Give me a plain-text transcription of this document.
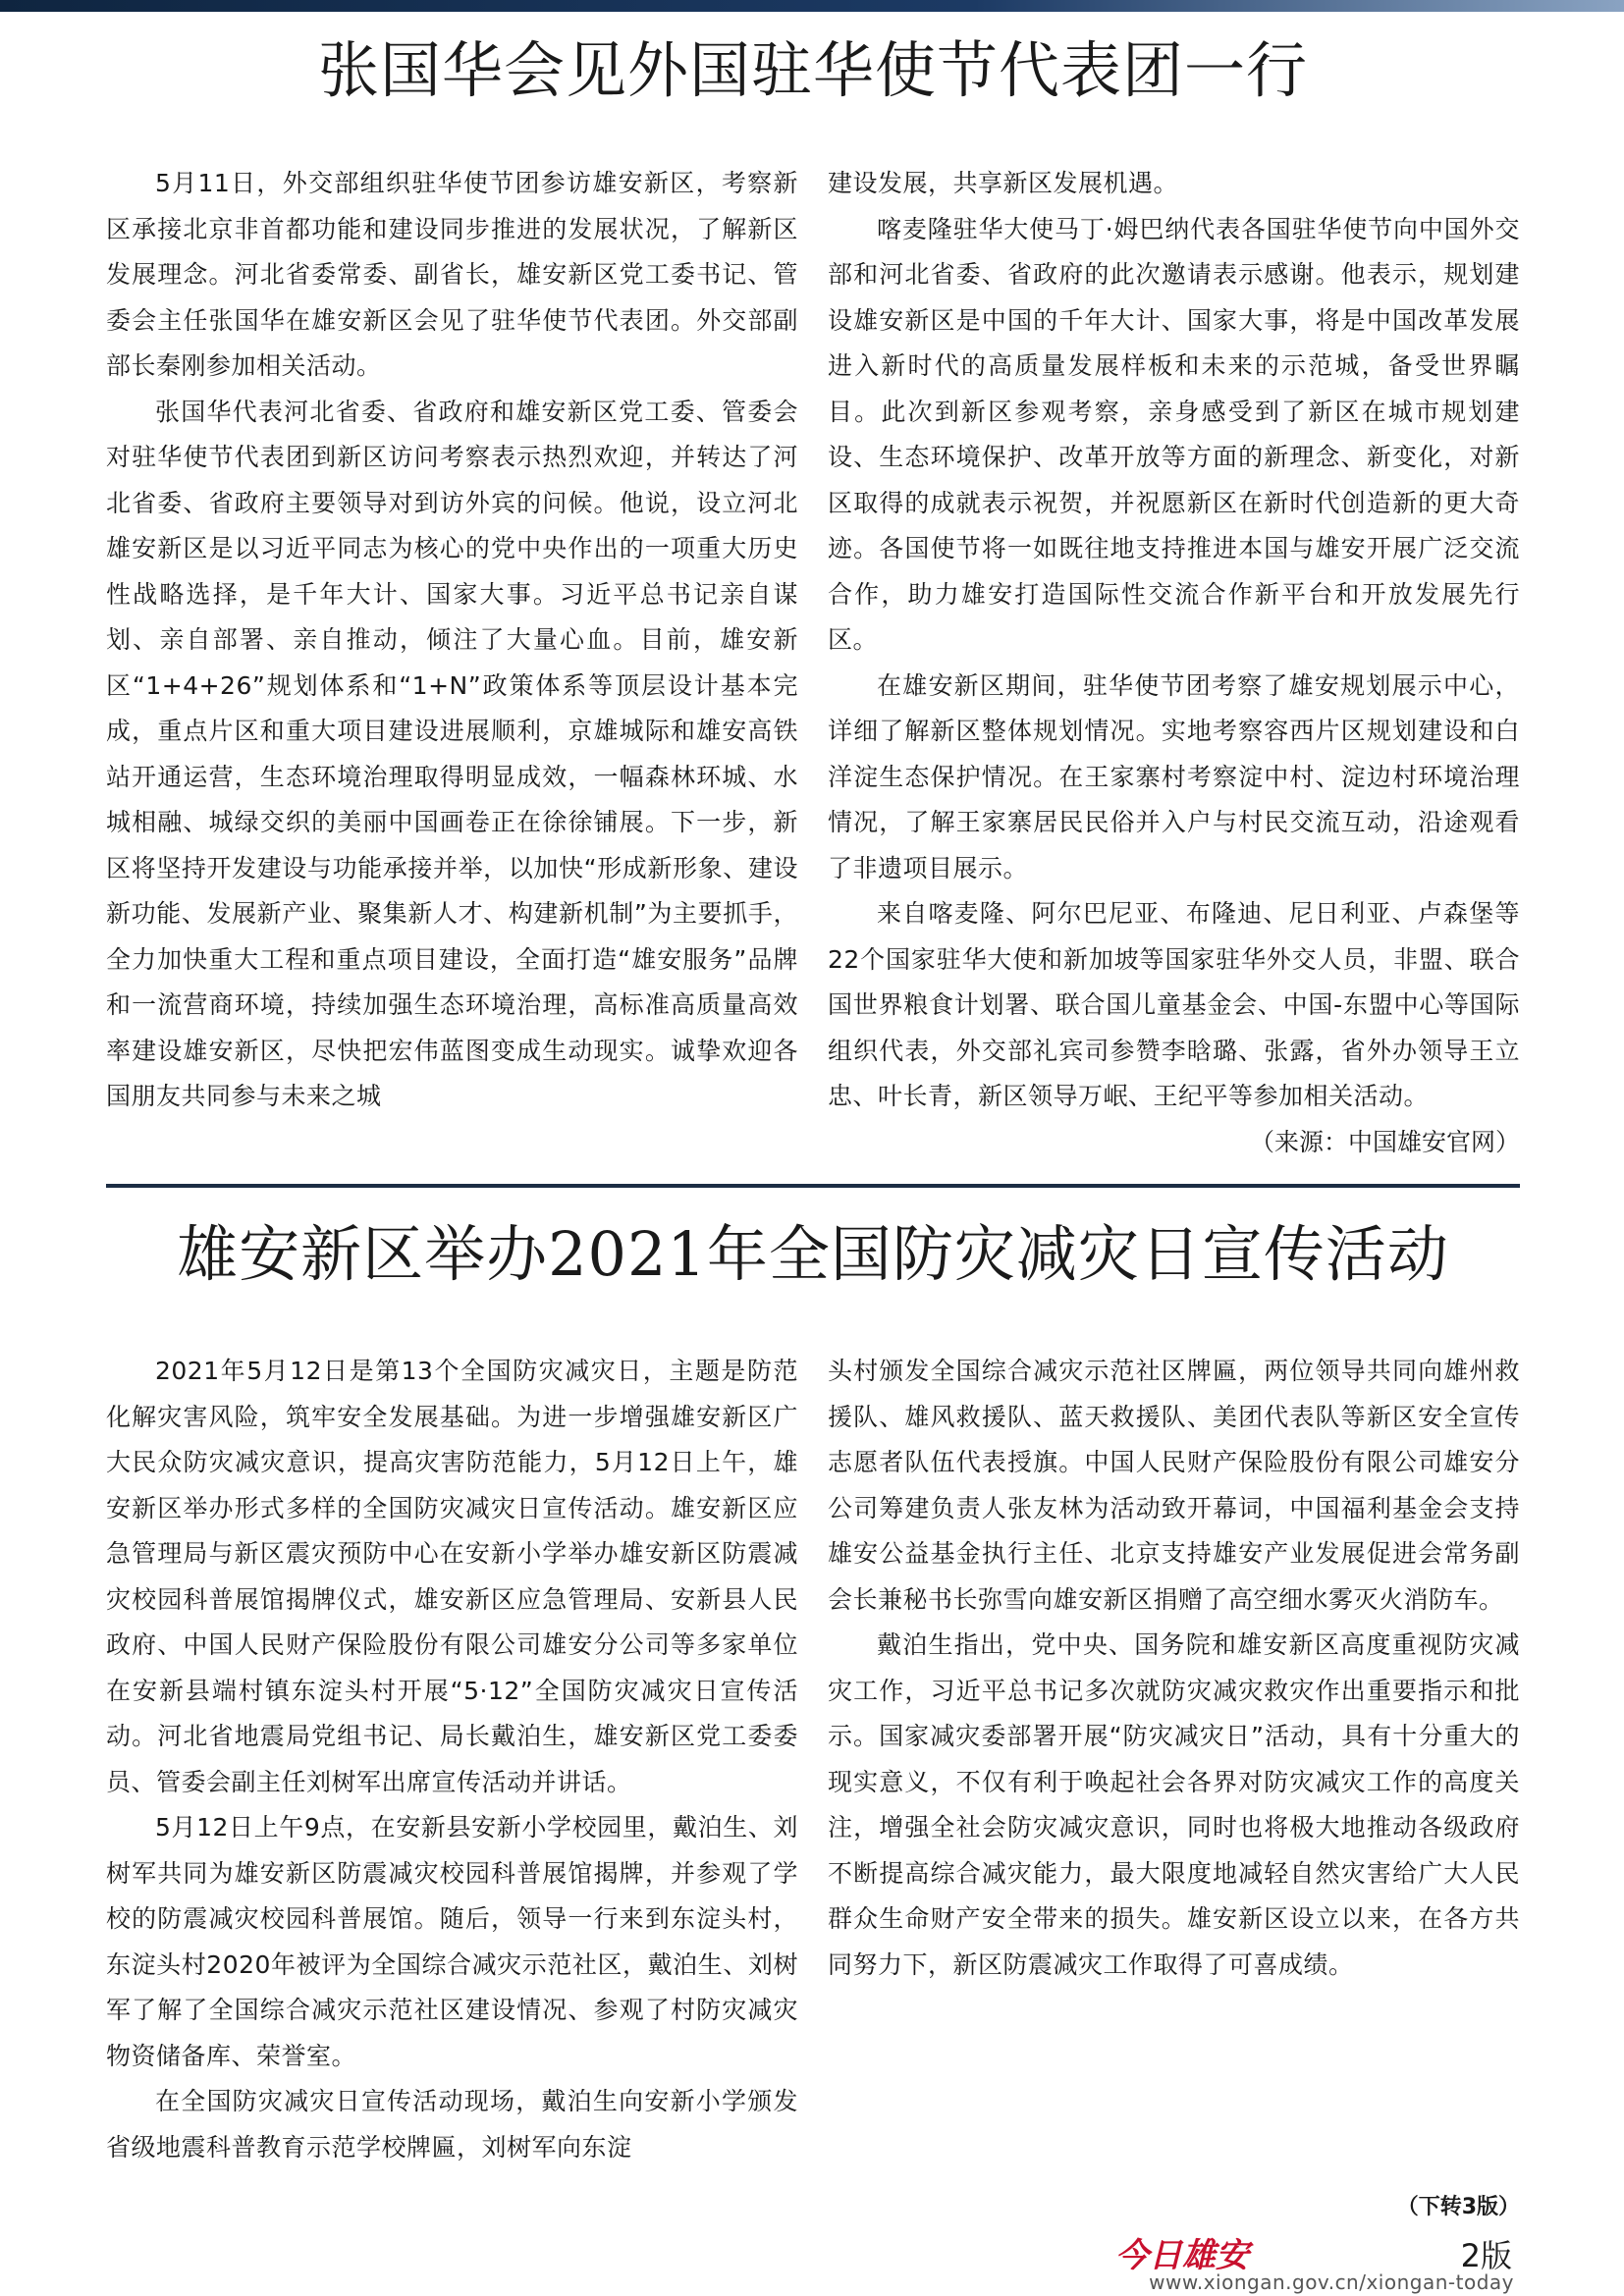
张国华会见外国驻华使节代表团一行

5月11日，外交部组织驻华使节团参访雄安新区，考察新区承接北京非首都功能和建设同步推进的发展状况，了解新区发展理念。河北省委常委、副省长，雄安新区党工委书记、管委会主任张国华在雄安新区会见了驻华使节代表团。外交部副部长秦刚参加相关活动。

张国华代表河北省委、省政府和雄安新区党工委、管委会对驻华使节代表团到新区访问考察表示热烈欢迎，并转达了河北省委、省政府主要领导对到访外宾的问候。他说，设立河北雄安新区是以习近平同志为核心的党中央作出的一项重大历史性战略选择，是千年大计、国家大事。习近平总书记亲自谋划、亲自部署、亲自推动，倾注了大量心血。目前，雄安新区“1+4+26”规划体系和“1+N”政策体系等顶层设计基本完成，重点片区和重大项目建设进展顺利，京雄城际和雄安高铁站开通运营，生态环境治理取得明显成效，一幅森林环城、水城相融、城绿交织的美丽中国画卷正在徐徐铺展。下一步，新区将坚持开发建设与功能承接并举，以加快“形成新形象、建设新功能、发展新产业、聚集新人才、构建新机制”为主要抓手，全力加快重大工程和重点项目建设，全面打造“雄安服务”品牌和一流营商环境，持续加强生态环境治理，高标准高质量高效率建设雄安新区，尽快把宏伟蓝图变成生动现实。诚挚欢迎各国朋友共同参与未来之城

建设发展，共享新区发展机遇。

喀麦隆驻华大使马丁·姆巴纳代表各国驻华使节向中国外交部和河北省委、省政府的此次邀请表示感谢。他表示，规划建设雄安新区是中国的千年大计、国家大事，将是中国改革发展进入新时代的高质量发展样板和未来的示范城，备受世界瞩目。此次到新区参观考察，亲身感受到了新区在城市规划建设、生态环境保护、改革开放等方面的新理念、新变化，对新区取得的成就表示祝贺，并祝愿新区在新时代创造新的更大奇迹。各国使节将一如既往地支持推进本国与雄安开展广泛交流合作，助力雄安打造国际性交流合作新平台和开放发展先行区。

在雄安新区期间，驻华使节团考察了雄安规划展示中心，详细了解新区整体规划情况。实地考察容西片区规划建设和白洋淀生态保护情况。在王家寨村考察淀中村、淀边村环境治理情况，了解王家寨居民民俗并入户与村民交流互动，沿途观看了非遗项目展示。

来自喀麦隆、阿尔巴尼亚、布隆迪、尼日利亚、卢森堡等22个国家驻华大使和新加坡等国家驻华外交人员，非盟、联合国世界粮食计划署、联合国儿童基金会、中国-东盟中心等国际组织代表，外交部礼宾司参赞李晗璐、张露，省外办领导王立忠、叶长青，新区领导万岷、王纪平等参加相关活动。

（来源：中国雄安官网）
雄安新区举办2021年全国防灾减灾日宣传活动

2021年5月12日是第13个全国防灾减灾日，主题是防范化解灾害风险，筑牢安全发展基础。为进一步增强雄安新区广大民众防灾减灾意识，提高灾害防范能力，5月12日上午，雄安新区举办形式多样的全国防灾减灾日宣传活动。雄安新区应急管理局与新区震灾预防中心在安新小学举办雄安新区防震减灾校园科普展馆揭牌仪式，雄安新区应急管理局、安新县人民政府、中国人民财产保险股份有限公司雄安分公司等多家单位在安新县端村镇东淀头村开展“5·12”全国防灾减灾日宣传活动。河北省地震局党组书记、局长戴泊生，雄安新区党工委委员、管委会副主任刘树军出席宣传活动并讲话。

5月12日上午9点，在安新县安新小学校园里，戴泊生、刘树军共同为雄安新区防震减灾校园科普展馆揭牌，并参观了学校的防震减灾校园科普展馆。随后，领导一行来到东淀头村，东淀头村2020年被评为全国综合减灾示范社区，戴泊生、刘树军了解了全国综合减灾示范社区建设情况、参观了村防灾减灾物资储备库、荣誉室。

在全国防灾减灾日宣传活动现场，戴泊生向安新小学颁发省级地震科普教育示范学校牌匾，刘树军向东淀

头村颁发全国综合减灾示范社区牌匾，两位领导共同向雄州救援队、雄风救援队、蓝天救援队、美团代表队等新区安全宣传志愿者队伍代表授旗。中国人民财产保险股份有限公司雄安分公司筹建负责人张友林为活动致开幕词，中国福利基金会支持雄安公益基金执行主任、北京支持雄安产业发展促进会常务副会长兼秘书长弥雪向雄安新区捐赠了高空细水雾灭火消防车。

戴泊生指出，党中央、国务院和雄安新区高度重视防灾减灾工作，习近平总书记多次就防灾减灾救灾作出重要指示和批示。国家减灾委部署开展“防灾减灾日”活动，具有十分重大的现实意义，不仅有利于唤起社会各界对防灾减灾工作的高度关注，增强全社会防灾减灾意识，同时也将极大地推动各级政府不断提高综合减灾能力，最大限度地减轻自然灾害给广大人民群众生命财产安全带来的损失。雄安新区设立以来，在各方共同努力下，新区防震减灾工作取得了可喜成绩。

（下转3版）
今日雄安	2版
www.xiongan.gov.cn/xiongan-today
